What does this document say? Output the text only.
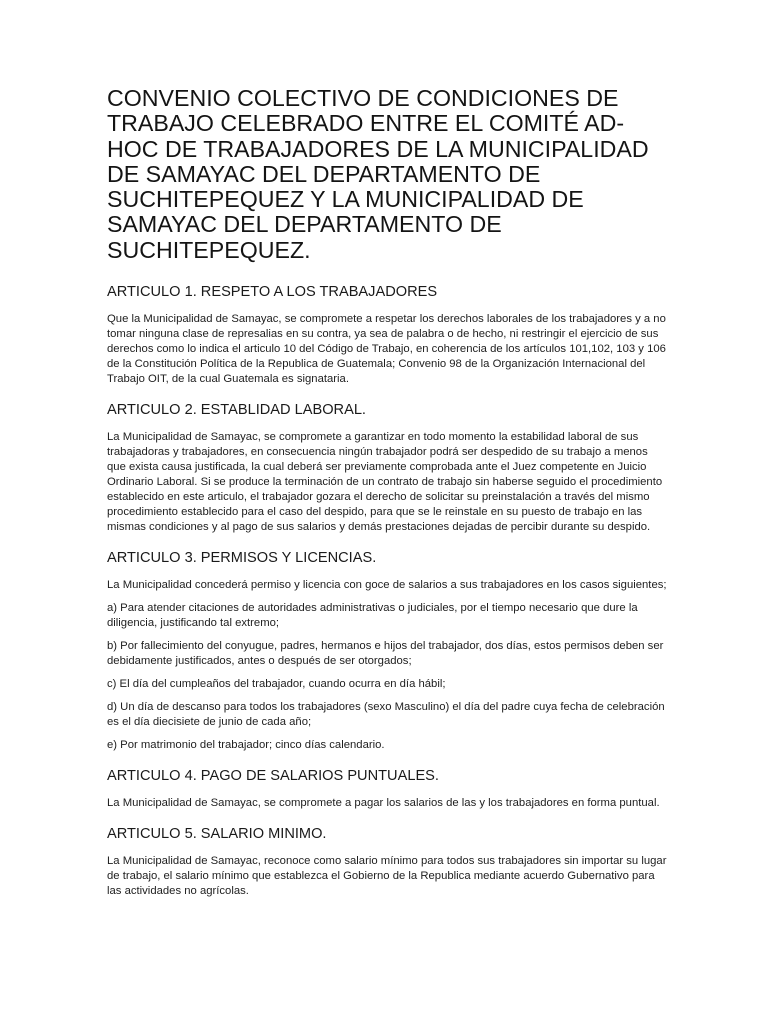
CONVENIO COLECTIVO DE CONDICIONES DE TRABAJO CELEBRADO ENTRE EL COMITÉ AD-HOC DE TRABAJADORES DE LA MUNICIPALIDAD DE SAMAYAC DEL DEPARTAMENTO DE SUCHITEPEQUEZ Y LA MUNICIPALIDAD DE SAMAYAC DEL DEPARTAMENTO DE SUCHITEPEQUEZ.
ARTICULO 1. RESPETO A LOS TRABAJADORES

Que la Municipalidad de Samayac, se compromete a respetar los derechos laborales de los trabajadores y a no tomar ninguna clase de represalias en su contra, ya sea de palabra o de hecho, ni restringir el ejercicio de sus derechos como lo indica el articulo 10 del Código de Trabajo, en coherencia de los artículos 101,102, 103 y 106 de la Constitución Política de la Republica de Guatemala; Convenio 98 de la Organización Internacional del Trabajo OIT, de la cual Guatemala es signataria.

ARTICULO 2. ESTABLIDAD LABORAL.

La Municipalidad de Samayac, se compromete a garantizar en todo momento la estabilidad laboral de sus trabajadoras y trabajadores, en consecuencia ningún trabajador podrá ser despedido de su trabajo a menos que exista causa justificada, la cual deberá ser previamente comprobada ante el Juez competente en Juicio Ordinario Laboral. Si se produce la terminación de un contrato de trabajo sin haberse seguido el procedimiento establecido en este articulo, el trabajador gozara el derecho de solicitar su preinstalación a través del mismo procedimiento establecido para el caso del despido, para que se le reinstale en su puesto de trabajo en las mismas condiciones y al pago de sus salarios y demás prestaciones dejadas de percibir durante su despido.

ARTICULO 3. PERMISOS Y LICENCIAS.

La Municipalidad concederá permiso y licencia con goce de salarios a sus trabajadores en los casos siguientes;

a) Para atender citaciones de autoridades administrativas o judiciales, por el tiempo necesario que dure la diligencia, justificando tal extremo;

b) Por fallecimiento del conyugue, padres, hermanos e hijos del trabajador, dos días, estos permisos deben ser debidamente justificados, antes o después de ser otorgados;

c) El día del cumpleaños del trabajador, cuando ocurra en día hábil;

d) Un día de descanso para todos los trabajadores (sexo Masculino) el día del padre cuya fecha de celebración es el día diecisiete de junio de cada año;

e) Por matrimonio del trabajador; cinco días calendario.

ARTICULO 4. PAGO DE SALARIOS PUNTUALES.

La Municipalidad de Samayac, se compromete a pagar los salarios de las y los trabajadores en forma puntual.

ARTICULO 5. SALARIO MINIMO.

La Municipalidad de Samayac, reconoce como salario mínimo para todos sus trabajadores sin importar su lugar de trabajo, el salario mínimo que establezca el Gobierno de la Republica mediante acuerdo Gubernativo para las actividades no agrícolas.
